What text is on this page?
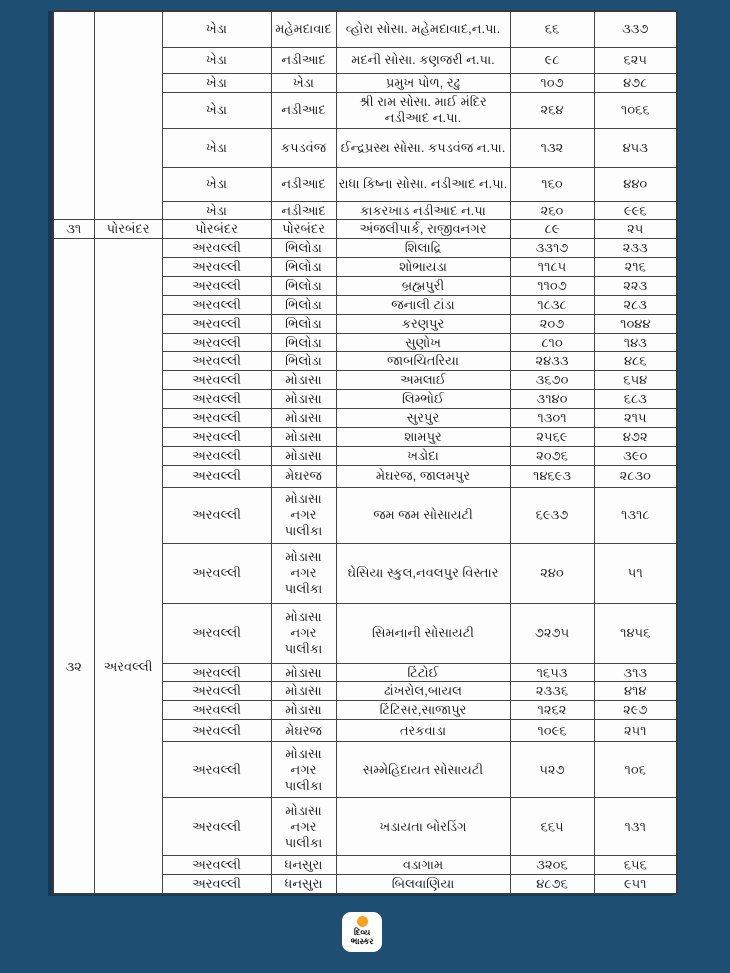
		ખેડા	મહેમદાવાદ	વ્હોરા સોસા. મહેમદાવાદ,ન.પા.	૬૬	૩૩૭
		ખેડા	નડીઆદ	મદની સોસા. કણજરી ન.પા.	૯૮	૬૨૫
		ખેડા	ખેડા	પ્રમુખ પોળ, રઢુ	૧૦૭	૪૭૮
		ખેડા	નડીઆદ	શ્રી રામ સોસા. માઈ મંદિર નડીઆદ ન.પા.	૨૬૪	૧૦૬૬
		ખેડા	કપડવંજ	ઈન્દ્રપ્રસ્થ સોસા. કપડવંજ ન.પા.	૧૩૨	૪૫૩
		ખેડા	નડીઆદ	રાધા કિષ્ના સોસા. નડીઆદ ન.પા.	૧૬૦	૪૪૦
		ખેડા	નડીઆદ	કાકરખાડ નડીઆદ ન.પા	૨૬૦	૯૯૬
૩૧	પોરબંદર	પોરબંદર	પોરબંદર	અંજલીપાર્ક, રાજીવનગર	૮૯	૨૫
૩૨	અરવલ્લી	અરવલ્લી	ભિલોડા	શિલાદ્રિ	૩૩૧૭	૨૩૩
		અરવલ્લી	ભિલોડા	શોભાયડા	૧૧૮૫	૨૧૬
		અરવલ્લી	ભિલોડા	બ્રહ્મપુરી	૧૧૦૭	૨૨૩
		અરવલ્લી	ભિલોડા	જનાલી ટાંડા	૧૮૩૮	૨૮૩
		અરવલ્લી	ભિલોડા	કરણપુર	૨૦૭	૧૦૪૪
		અરવલ્લી	ભિલોડા	સુણોખ	૮૧૦	૧૪૩
		અરવલ્લી	ભિલોડા	જાબચિતરિયા	૨૪૩૩	૪૮૬
		અરવલ્લી	મોડાસા	અમલાઈ	૩૬૭૦	૬૫૪
		અરવલ્લી	મોડાસા	લિમ્ભોઈ	૩૧૪૦	૬૮૩
		અરવલ્લી	મોડાસા	સુરપુર	૧૩૦૧	૨૧૫
		અરવલ્લી	મોડાસા	શામપુર	૨૫૬૯	૪૭૨
		અરવલ્લી	મોડાસા	ખડોદા	૨૦૭૬	૩૯૦
		અરવલ્લી	મેઘરજ	મેઘરજ, જાલમપુર	૧૪૬૯૩	૨૮૩૦
		અરવલ્લી	મોડાસા નગર પાલીકા	જમ જમ સોસાયટી	૬૯૩૭	૧૩૧૮
		અરવલ્લી	મોડાસા નગર પાલીકા	ઘેસિયા સ્કુલ,નવલપુર વિસ્તાર	૨૪૦	૫૧
		અરવલ્લી	મોડાસા નગર પાલીકા	સિમનાની સોસાયટી	૭૨૭૫	૧૪૫૬
		અરવલ્લી	મોડાસા	ટિંટોઈ	૧૬૫૩	૩૧૩
		અરવલ્લી	મોડાસા	ઢાંખરોલ,બાયલ	૨૩૩૬	૪૧૪
		અરવલ્લી	મોડાસા	ટિંટિસર,સાજાપુર	૧૨૬૨	૨૯૭
		અરવલ્લી	મેઘરજ	તરકવાડા	૧૦૯૬	૨૫૧
		અરવલ્લી	મોડાસા નગર પાલીકા	સમ્મેહિદાયત સોસાયટી	૫૨૭	૧૦૬
		અરવલ્લી	મોડાસા નગર પાલીકા	ખડાયતા બોરડિંગ	૬૬૫	૧૩૧
		અરવલ્લી	ધનસુરા	વડાગામ	૩૨૦૬	૬૫૬
		અરવલ્લી	ધનસુરા	બિલવાણિયા	૪૮૭૬	૯૫૧
દિવ્ય
ભાસ્કર
